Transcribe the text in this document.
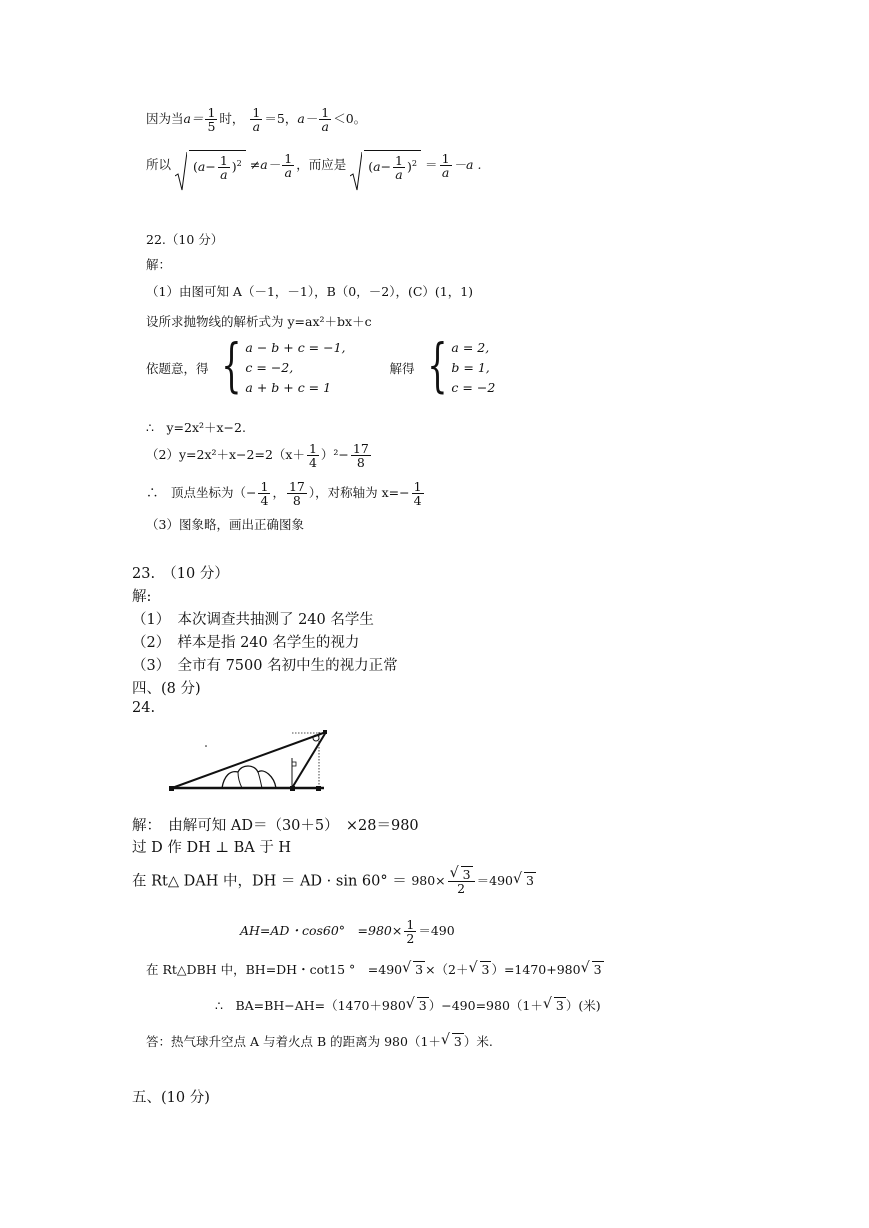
因为当$a= \frac{1}{5}$ 时， $\frac{1}{a} =5$，$a- \frac{1}{a} <0$。
所以 $(a- \frac{1}{a} )^2 \ne a- \frac{1}{a}$ ，而应是 $(a- \frac{1}{a} )^2 = \frac{1}{a} -a$ .
22.（10 分）
解：
（1）由图可知 A（－1，－1），B（0，－2），(C）(1，1)
设所求抛物线的解析式为 y=ax²＋bx＋c
依题意，得 { a − b + c = −1,
c = −2,
a + b + c = 1
解得 { a = 2,
b = 1,
c = −2
∴　y=2x²＋x−2.
$(2)y=2x^2+x-2=2(x+ \frac{1}{4} )^2- \frac{17}{8}$
∴　顶点坐标为（− $\frac{1}{4}$ ， $\frac{17}{8}$ ），对称轴为 $x=- \frac{1}{4}$
（3）图象略，画出正确图象
23.　（10 分）
解:
（1）　本次调查共抽测了 240 名学生
（2）　样本是指 240 名学生的视力
（3）　全市有 7500 名初中生的视力正常
四、(8 分)
24.
解：　由解可知 AD＝（30＋5）　×28＝980
过 D 作 DH ⊥ BA 于 H
在 Rt△ DAH 中，DH ＝ AD · sin 60° ＝ 980×
√ $\frac{3}{2} =490√$ 3
AH=AD・cos60°　$=980\times \frac{1}{2} =490$
在 Rt△DBH 中，BH=DH・cot15 °　=490√ 3 ×（2＋√ 3 ）=1470+980√ 3
∴　BA=BH−AH=（1470＋980√ 3 ）−490=980（1＋√ 3 ）(米)
答：热气球升空点 A 与着火点 B 的距离为 980（1＋√ 3 ）米.
五、(10 分)
